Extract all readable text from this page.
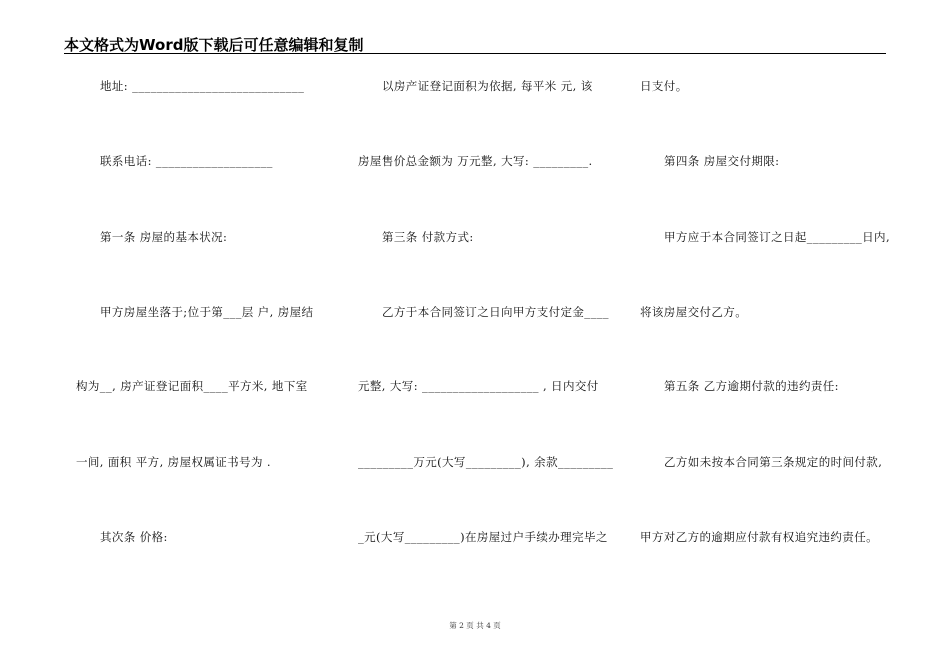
本文格式为Word版下载后可任意编辑和复制
地址: ____________________________
联系电话: ___________________
第一条 房屋的基本状况:
甲方房屋坐落于;位于第___层 户, 房屋结
构为__, 房产证登记面积____平方米, 地下室
一间, 面积 平方, 房屋权属证书号为 .
其次条 价格:
以房产证登记面积为依据, 每平米 元, 该
房屋售价总金额为 万元整, 大写: _________.
第三条 付款方式:
乙方于本合同签订之日向甲方支付定金____
元整, 大写: ___________________ , 日内交付
_________万元(大写_________), 余款_________
_元(大写_________)在房屋过户手续办理完毕之
日支付。
第四条 房屋交付期限:
甲方应于本合同签订之日起_________日内,
将该房屋交付乙方。
第五条 乙方逾期付款的违约责任:
乙方如未按本合同第三条规定的时间付款,
甲方对乙方的逾期应付款有权追究违约责任。
第 2 页 共 4 页
